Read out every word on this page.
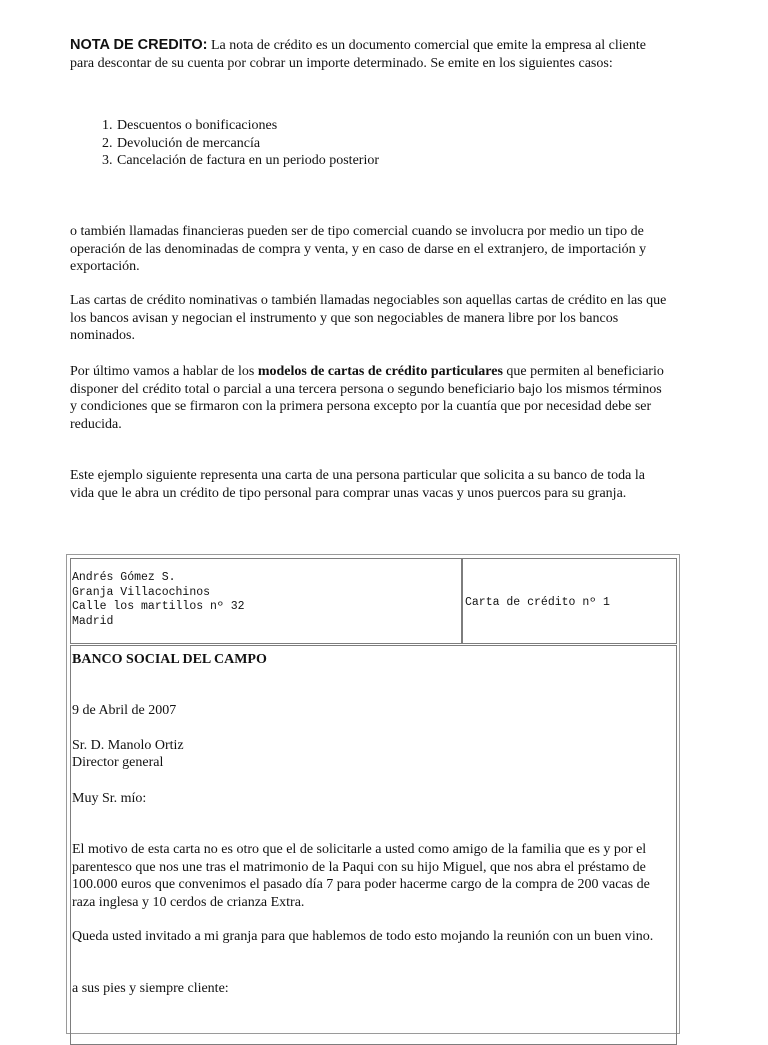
NOTA DE CREDITO: La nota de crédito es un documento comercial que emite la empresa al cliente para descontar de su cuenta por cobrar un importe determinado. Se emite en los siguientes casos:
1. Descuentos o bonificaciones
2. Devolución de mercancía
3. Cancelación de factura en un periodo posterior
o también llamadas financieras pueden ser de tipo comercial cuando se involucra por medio un tipo de operación de las denominadas de compra y venta, y en caso de darse en el extranjero, de importación y exportación.
Las cartas de crédito nominativas o también llamadas negociables son aquellas cartas de crédito en las que los bancos avisan y negocian el instrumento y que son negociables de manera libre por los bancos nominados.
Por último vamos a hablar de los modelos de cartas de crédito particulares que permiten al beneficiario disponer del crédito total o parcial a una tercera persona o segundo beneficiario bajo los mismos términos y condiciones que se firmaron con la primera persona excepto por la cuantía que por necesidad debe ser reducida.
Este ejemplo siguiente representa una carta de una persona particular que solicita a su banco de toda la vida que le abra un crédito de tipo personal para comprar unas vacas y unos puercos para su granja.
Andrés Gómez S.
Granja Villacochinos
Calle los martillos nº 32
Madrid
Carta de crédito nº 1
BANCO SOCIAL DEL CAMPO
9 de Abril de 2007
Sr. D. Manolo Ortiz
Director general
Muy Sr. mío:
El motivo de esta carta no es otro que el de solicitarle a usted como amigo de la familia que es y por el parentesco que nos une tras el matrimonio de la Paqui con su hijo Miguel, que nos abra el préstamo de 100.000 euros que convenimos el pasado día 7 para poder hacerme cargo de la compra de 200 vacas de raza inglesa y 10 cerdos de crianza Extra.
Queda usted invitado a mi granja para que hablemos de todo esto mojando la reunión con un buen vino.
a sus pies y siempre cliente:
